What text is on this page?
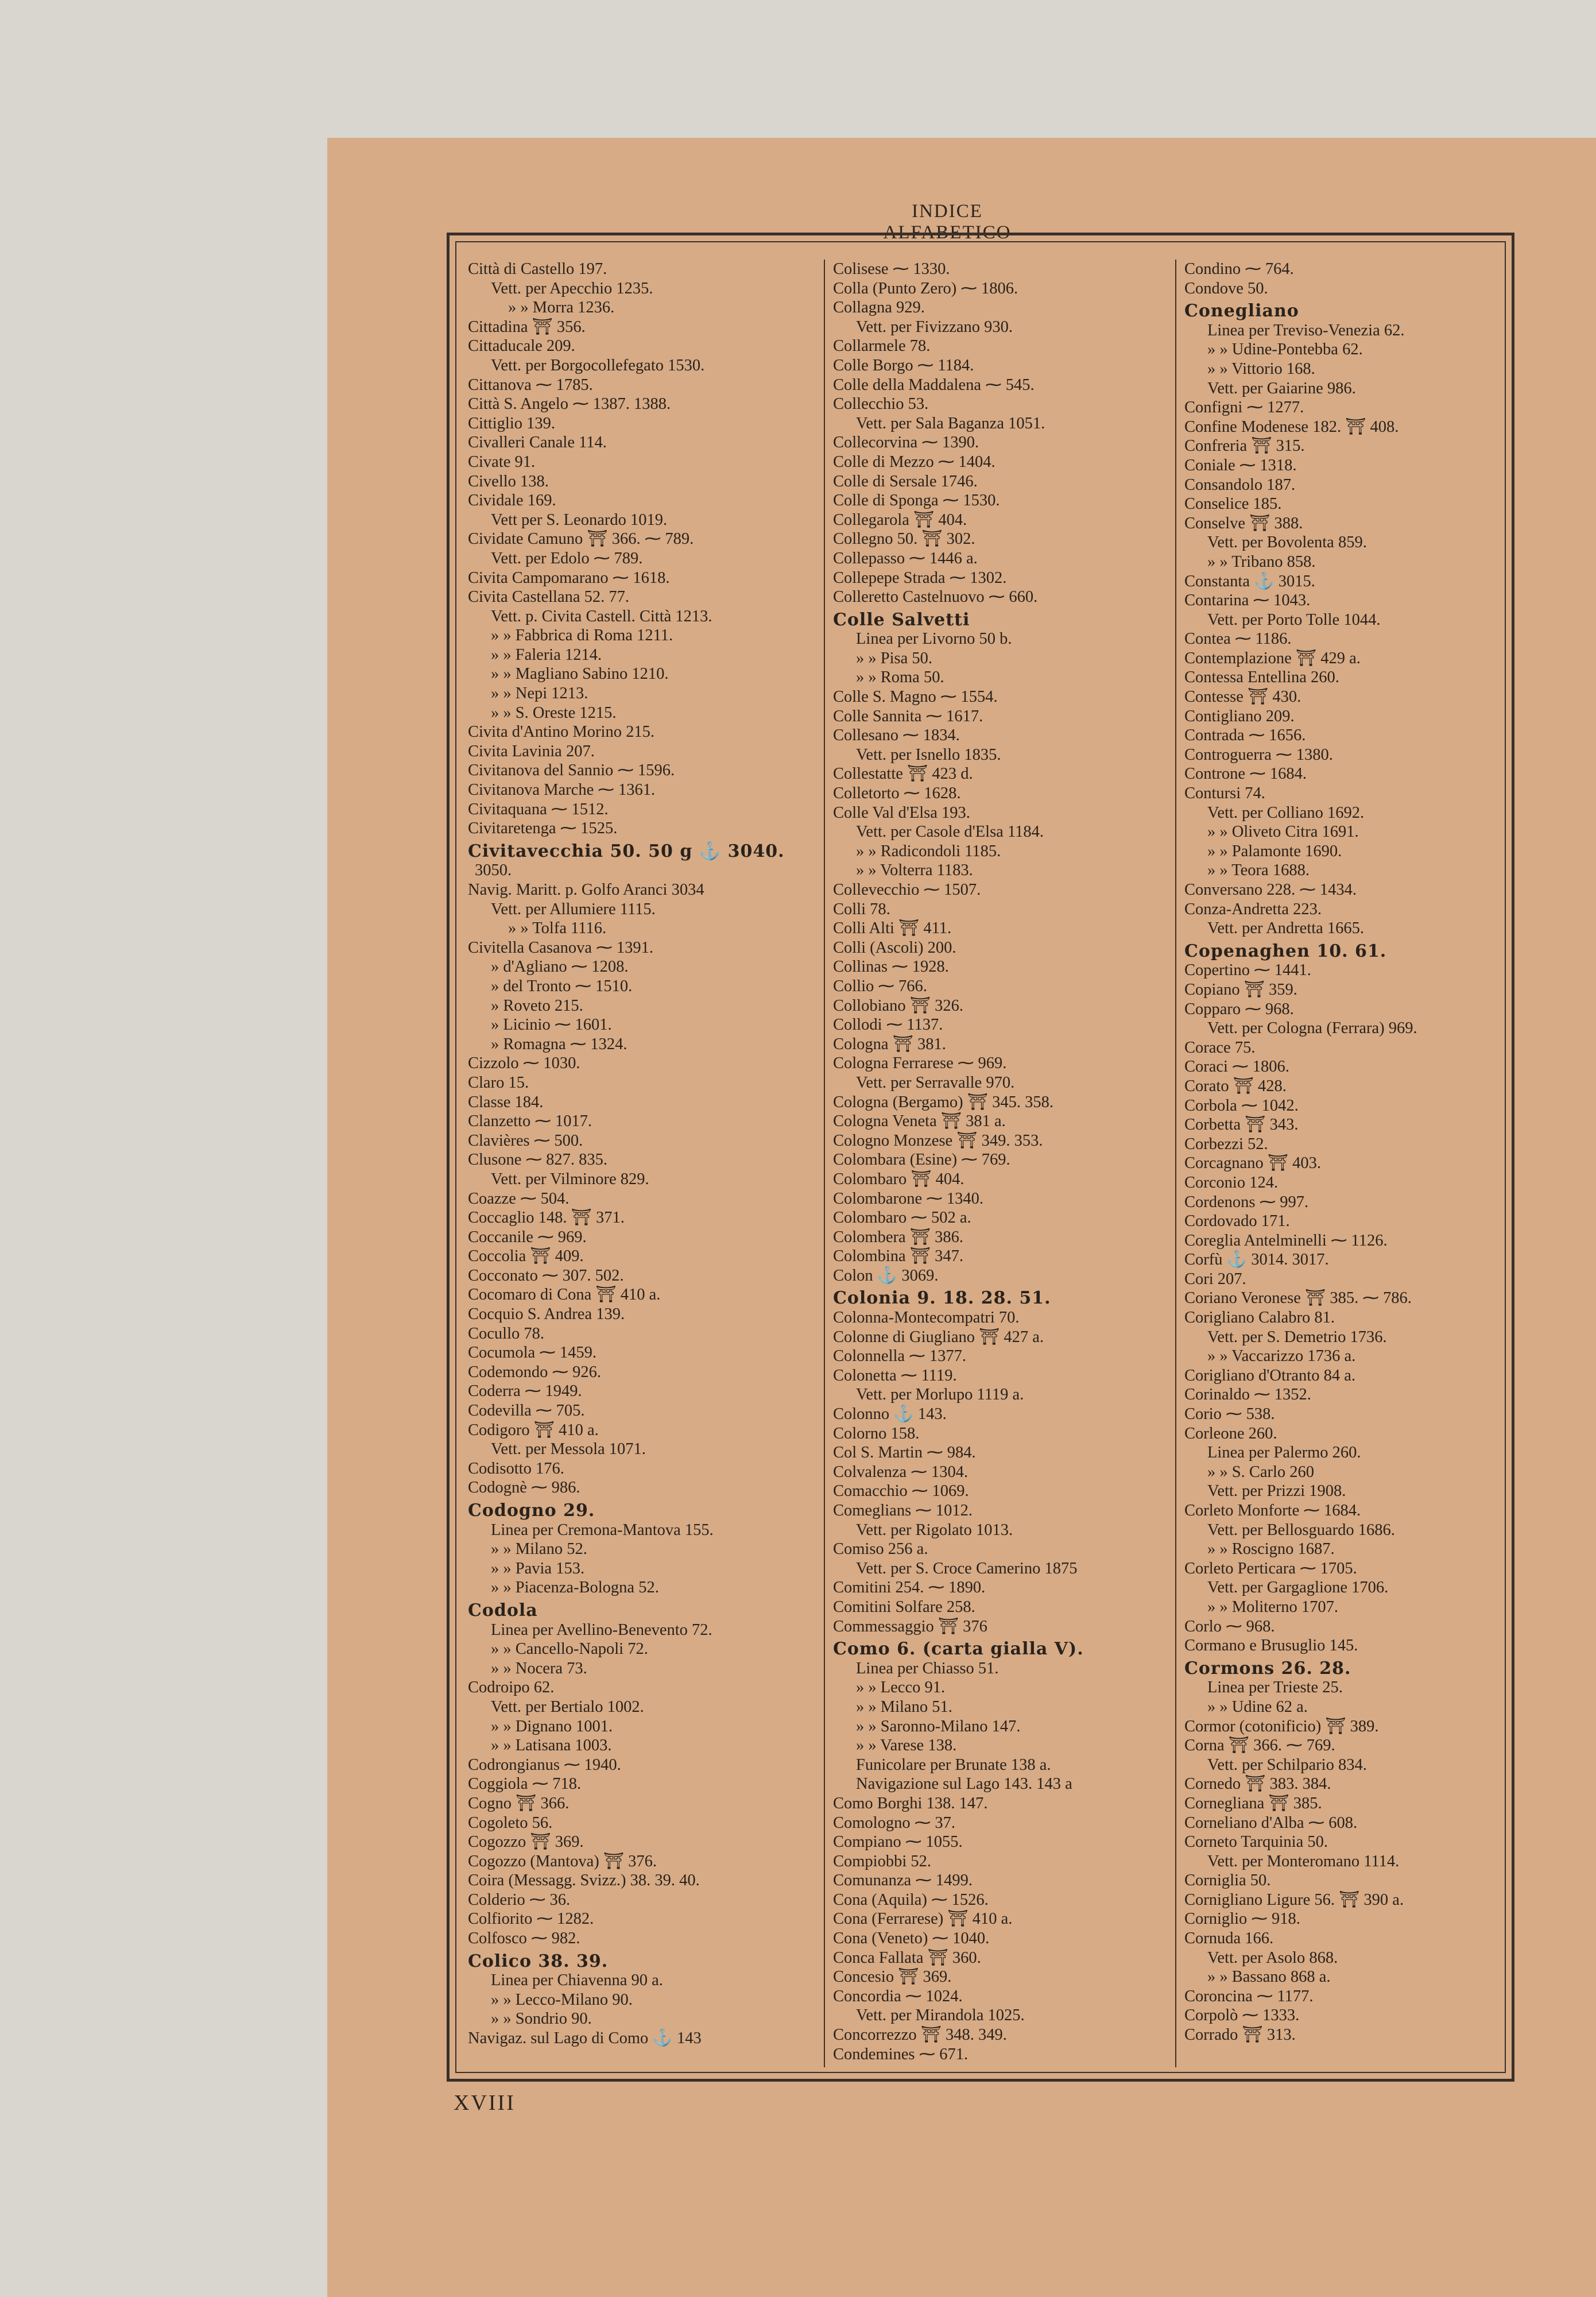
INDICE ALFABETICO
Città di Castello 197.
Vett. per Apecchio 1235.
» » Morra 1236.
Cittadina ⛩ 356.
Cittaducale 209.
Vett. per Borgocollefegato 1530.
Cittanova ⁓ 1785.
Città S. Angelo ⁓ 1387. 1388.
Cittiglio 139.
Civalleri Canale 114.
Civate 91.
Civello 138.
Cividale 169.
Vett per S. Leonardo 1019.
Cividate Camuno ⛩ 366. ⁓ 789.
Vett. per Edolo ⁓ 789.
Civita Campomarano ⁓ 1618.
Civita Castellana 52. 77.
Vett. p. Civita Castell. Città 1213.
» » Fabbrica di Roma 1211.
» » Faleria 1214.
» » Magliano Sabino 1210.
» » Nepi 1213.
» » S. Oreste 1215.
Civita d'Antino Morino 215.
Civita Lavinia 207.
Civitanova del Sannio ⁓ 1596.
Civitanova Marche ⁓ 1361.
Civitaquana ⁓ 1512.
Civitaretenga ⁓ 1525.
Civitavecchia 50. 50 g ⚓ 3040.
3050.
Navig. Maritt. p. Golfo Aranci 3034
Vett. per Allumiere 1115.
» » Tolfa 1116.
Civitella Casanova ⁓ 1391.
» d'Agliano ⁓ 1208.
» del Tronto ⁓ 1510.
» Roveto 215.
» Licinio ⁓ 1601.
» Romagna ⁓ 1324.
Cizzolo ⁓ 1030.
Claro 15.
Classe 184.
Clanzetto ⁓ 1017.
Clavières ⁓ 500.
Clusone ⁓ 827. 835.
Vett. per Vilminore 829.
Coazze ⁓ 504.
Coccaglio 148. ⛩ 371.
Coccanile ⁓ 969.
Coccolia ⛩ 409.
Cocconato ⁓ 307. 502.
Cocomaro di Cona ⛩ 410 a.
Cocquio S. Andrea 139.
Cocullo 78.
Cocumola ⁓ 1459.
Codemondo ⁓ 926.
Coderra ⁓ 1949.
Codevilla ⁓ 705.
Codigoro ⛩ 410 a.
Vett. per Messola 1071.
Codisotto 176.
Codognè ⁓ 986.
Codogno 29.
Linea per Cremona-Mantova 155.
» » Milano 52.
» » Pavia 153.
» » Piacenza-Bologna 52.
Codola
Linea per Avellino-Benevento 72.
» » Cancello-Napoli 72.
» » Nocera 73.
Codroipo 62.
Vett. per Bertialo 1002.
» » Dignano 1001.
» » Latisana 1003.
Codrongianus ⁓ 1940.
Coggiola ⁓ 718.
Cogno ⛩ 366.
Cogoleto 56.
Cogozzo ⛩ 369.
Cogozzo (Mantova) ⛩ 376.
Coira (Messagg. Svizz.) 38. 39. 40.
Colderio ⁓ 36.
Colfiorito ⁓ 1282.
Colfosco ⁓ 982.
Colico 38. 39.
Linea per Chiavenna 90 a.
» » Lecco-Milano 90.
» » Sondrio 90.
Navigaz. sul Lago di Como ⚓ 143
Colisese ⁓ 1330.
Colla (Punto Zero) ⁓ 1806.
Collagna 929.
Vett. per Fivizzano 930.
Collarmele 78.
Colle Borgo ⁓ 1184.
Colle della Maddalena ⁓ 545.
Collecchio 53.
Vett. per Sala Baganza 1051.
Collecorvina ⁓ 1390.
Colle di Mezzo ⁓ 1404.
Colle di Sersale 1746.
Colle di Sponga ⁓ 1530.
Collegarola ⛩ 404.
Collegno 50. ⛩ 302.
Collepasso ⁓ 1446 a.
Collepepe Strada ⁓ 1302.
Colleretto Castelnuovo ⁓ 660.
Colle Salvetti
Linea per Livorno 50 b.
» » Pisa 50.
» » Roma 50.
Colle S. Magno ⁓ 1554.
Colle Sannita ⁓ 1617.
Collesano ⁓ 1834.
Vett. per Isnello 1835.
Collestatte ⛩ 423 d.
Colletorto ⁓ 1628.
Colle Val d'Elsa 193.
Vett. per Casole d'Elsa 1184.
» » Radicondoli 1185.
» » Volterra 1183.
Collevecchio ⁓ 1507.
Colli 78.
Colli Alti ⛩ 411.
Colli (Ascoli) 200.
Collinas ⁓ 1928.
Collio ⁓ 766.
Collobiano ⛩ 326.
Collodi ⁓ 1137.
Cologna ⛩ 381.
Cologna Ferrarese ⁓ 969.
Vett. per Serravalle 970.
Cologna (Bergamo) ⛩ 345. 358.
Cologna Veneta ⛩ 381 a.
Cologno Monzese ⛩ 349. 353.
Colombara (Esine) ⁓ 769.
Colombaro ⛩ 404.
Colombarone ⁓ 1340.
Colombaro ⁓ 502 a.
Colombera ⛩ 386.
Colombina ⛩ 347.
Colon ⚓ 3069.
Colonia 9. 18. 28. 51.
Colonna-Montecompatri 70.
Colonne di Giugliano ⛩ 427 a.
Colonnella ⁓ 1377.
Colonetta ⁓ 1119.
Vett. per Morlupo 1119 a.
Colonno ⚓ 143.
Colorno 158.
Col S. Martin ⁓ 984.
Colvalenza ⁓ 1304.
Comacchio ⁓ 1069.
Comeglians ⁓ 1012.
Vett. per Rigolato 1013.
Comiso 256 a.
Vett. per S. Croce Camerino 1875
Comitini 254. ⁓ 1890.
Comitini Solfare 258.
Commessaggio ⛩ 376
Como 6. (carta gialla V).
Linea per Chiasso 51.
» » Lecco 91.
» » Milano 51.
» » Saronno-Milano 147.
» » Varese 138.
Funicolare per Brunate 138 a.
Navigazione sul Lago 143. 143 a
Como Borghi 138. 147.
Comologno ⁓ 37.
Compiano ⁓ 1055.
Compiobbi 52.
Comunanza ⁓ 1499.
Cona (Aquila) ⁓ 1526.
Cona (Ferrarese) ⛩ 410 a.
Cona (Veneto) ⁓ 1040.
Conca Fallata ⛩ 360.
Concesio ⛩ 369.
Concordia ⁓ 1024.
Vett. per Mirandola 1025.
Concorrezzo ⛩ 348. 349.
Condemines ⁓ 671.
Condino ⁓ 764.
Condove 50.
Conegliano
Linea per Treviso-Venezia 62.
» » Udine-Pontebba 62.
» » Vittorio 168.
Vett. per Gaiarine 986.
Configni ⁓ 1277.
Confine Modenese 182. ⛩ 408.
Confreria ⛩ 315.
Coniale ⁓ 1318.
Consandolo 187.
Conselice 185.
Conselve ⛩ 388.
Vett. per Bovolenta 859.
» » Tribano 858.
Constanta ⚓ 3015.
Contarina ⁓ 1043.
Vett. per Porto Tolle 1044.
Contea ⁓ 1186.
Contemplazione ⛩ 429 a.
Contessa Entellina 260.
Contesse ⛩ 430.
Contigliano 209.
Contrada ⁓ 1656.
Controguerra ⁓ 1380.
Controne ⁓ 1684.
Contursi 74.
Vett. per Colliano 1692.
» » Oliveto Citra 1691.
» » Palamonte 1690.
» » Teora 1688.
Conversano 228. ⁓ 1434.
Conza-Andretta 223.
Vett. per Andretta 1665.
Copenaghen 10. 61.
Copertino ⁓ 1441.
Copiano ⛩ 359.
Copparo ⁓ 968.
Vett. per Cologna (Ferrara) 969.
Corace 75.
Coraci ⁓ 1806.
Corato ⛩ 428.
Corbola ⁓ 1042.
Corbetta ⛩ 343.
Corbezzi 52.
Corcagnano ⛩ 403.
Corconio 124.
Cordenons ⁓ 997.
Cordovado 171.
Coreglia Antelminelli ⁓ 1126.
Corfù ⚓ 3014. 3017.
Cori 207.
Coriano Veronese ⛩ 385. ⁓ 786.
Corigliano Calabro 81.
Vett. per S. Demetrio 1736.
» » Vaccarizzo 1736 a.
Corigliano d'Otranto 84 a.
Corinaldo ⁓ 1352.
Corio ⁓ 538.
Corleone 260.
Linea per Palermo 260.
» » S. Carlo 260
Vett. per Prizzi 1908.
Corleto Monforte ⁓ 1684.
Vett. per Bellosguardo 1686.
» » Roscigno 1687.
Corleto Perticara ⁓ 1705.
Vett. per Gargaglione 1706.
» » Moliterno 1707.
Corlo ⁓ 968.
Cormano e Brusuglio 145.
Cormons 26. 28.
Linea per Trieste 25.
» » Udine 62 a.
Cormor (cotonificio) ⛩ 389.
Corna ⛩ 366. ⁓ 769.
Vett. per Schilpario 834.
Cornedo ⛩ 383. 384.
Cornegliana ⛩ 385.
Corneliano d'Alba ⁓ 608.
Corneto Tarquinia 50.
Vett. per Monteromano 1114.
Corniglia 50.
Cornigliano Ligure 56. ⛩ 390 a.
Corniglio ⁓ 918.
Cornuda 166.
Vett. per Asolo 868.
» » Bassano 868 a.
Coroncina ⁓ 1177.
Corpolò ⁓ 1333.
Corrado ⛩ 313.
XVIII
